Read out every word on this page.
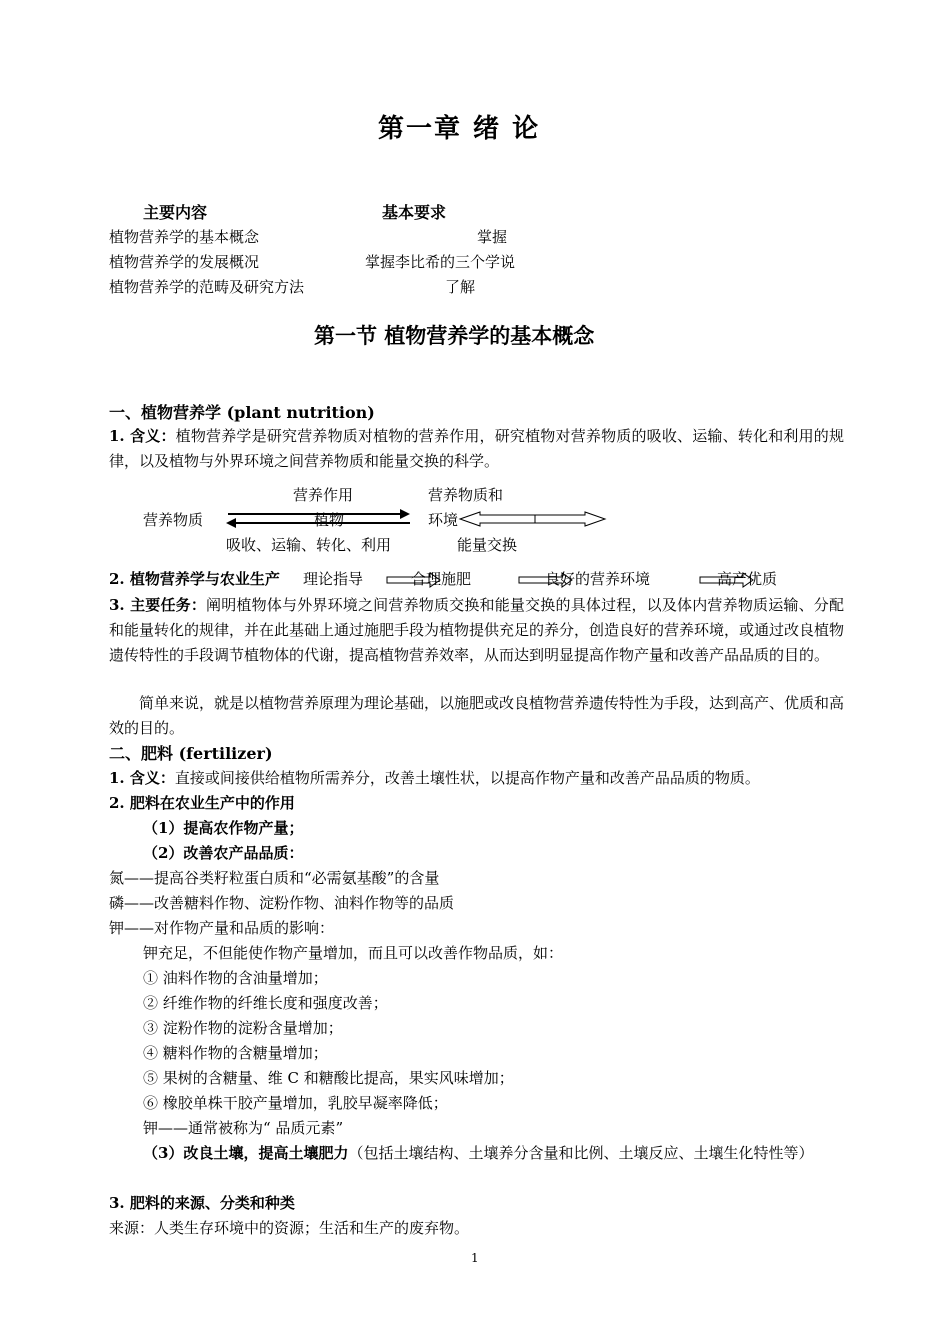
第一章 绪 论
主要内容	基本要求
植物营养学的基本概念	掌握
植物营养学的发展概况	掌握李比希的三个学说
植物营养学的范畴及研究方法	了解
第一节 植物营养学的基本概念
一、植物营养学 (plant nutrition)
1. 含义：植物营养学是研究营养物质对植物的营养作用，研究植物对营养物质的吸收、运输、转化和利用的规律，以及植物与外界环境之间营养物质和能量交换的科学。
营养物质
营养作用
植物
吸收、运输、转化、利用
营养物质和
环境
能量交换
2. 植物营养学与农业生产 理论指导	合理施肥	良好的营养环境	高产优质
3. 主要任务：阐明植物体与外界环境之间营养物质交换和能量交换的具体过程，以及体内营养物质运输、分配和能量转化的规律，并在此基础上通过施肥手段为植物提供充足的养分，创造良好的营养环境，或通过改良植物遗传特性的手段调节植物体的代谢，提高植物营养效率，从而达到明显提高作物产量和改善产品品质的目的。
简单来说，就是以植物营养原理为理论基础，以施肥或改良植物营养遗传特性为手段，达到高产、优质和高效的目的。
二、肥料 (fertilizer)
1. 含义：直接或间接供给植物所需养分，改善土壤性状，以提高作物产量和改善产品品质的物质。
2. 肥料在农业生产中的作用
（1）提高农作物产量；
（2）改善农产品品质：
氮——提高谷类籽粒蛋白质和“必需氨基酸”的含量
磷——改善糖料作物、淀粉作物、油料作物等的品质
钾——对作物产量和品质的影响：
钾充足，不但能使作物产量增加，而且可以改善作物品质，如：
① 油料作物的含油量增加；
② 纤维作物的纤维长度和强度改善；
③ 淀粉作物的淀粉含量增加；
④ 糖料作物的含糖量增加；
⑤ 果树的含糖量、维 C 和糖酸比提高，果实风味增加；
⑥ 橡胶单株干胶产量增加，乳胶早凝率降低；
钾——通常被称为“ 品质元素”
（3）改良土壤，提高土壤肥力（包括土壤结构、土壤养分含量和比例、土壤反应、土壤生化特性等）
3. 肥料的来源、分类和种类
来源：人类生存环境中的资源；生活和生产的废弃物。
1
